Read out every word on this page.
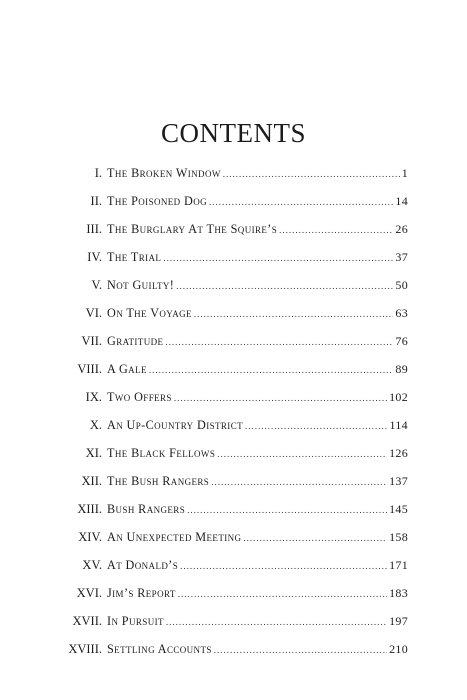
CONTENTS
I. The Broken Window .....	1
II. The Poisoned Dog .....	14
III. The Burglary At The Squire’s .....	26
IV. The Trial .....	37
V. Not Guilty! .....	50
VI. On The Voyage .....	63
VII. Gratitude .....	76
VIII. A Gale .....	89
IX. Two Offers .....	102
X. An Up-Country District .....	114
XI. The Black Fellows .....	126
XII. The Bush Rangers .....	137
XIII. Bush Rangers .....	145
XIV. An Unexpected Meeting .....	158
XV. At Donald’s .....	171
XVI. Jim’s Report .....	183
XVII. In Pursuit .....	197
XVIII. Settling Accounts .....	210
